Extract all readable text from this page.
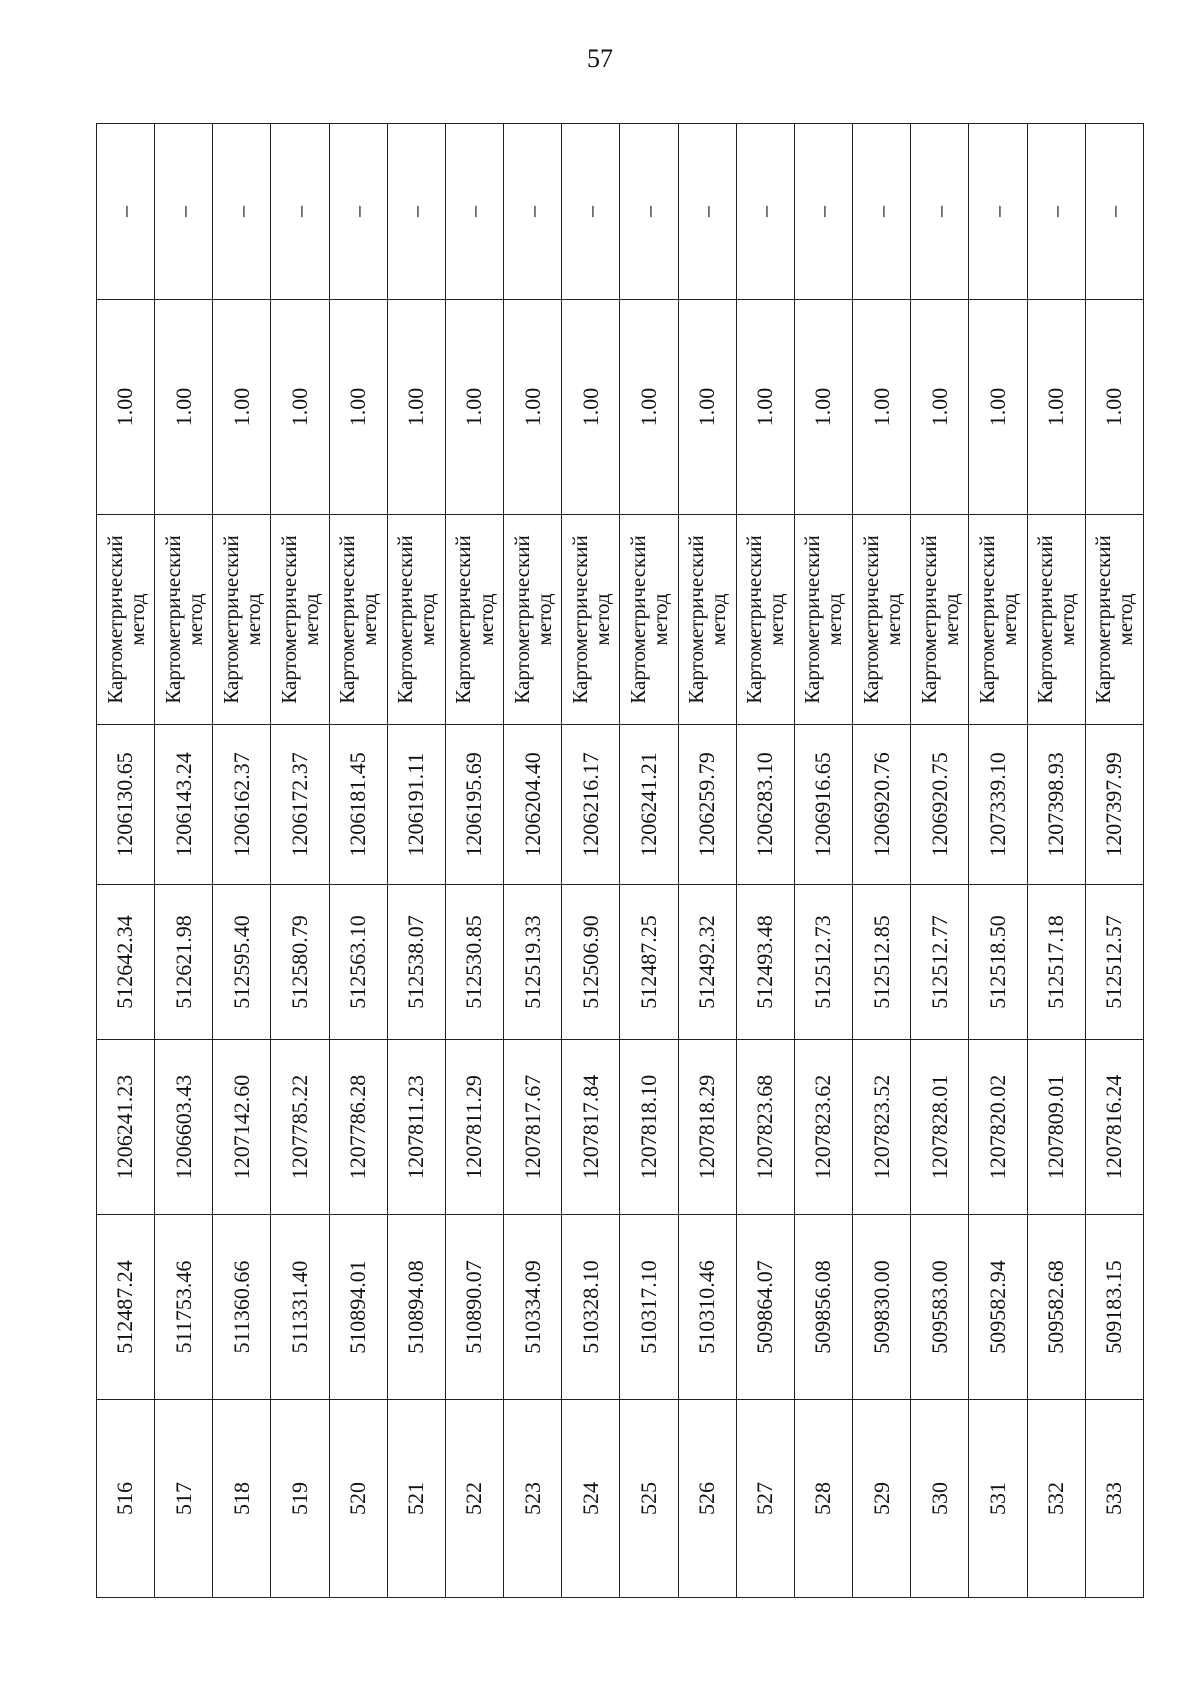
57
516	512487.24	1206241.23	512642.34	1206130.65	Картометрический метод	1.00	–
517	511753.46	1206603.43	512621.98	1206143.24	Картометрический метод	1.00	–
518	511360.66	1207142.60	512595.40	1206162.37	Картометрический метод	1.00	–
519	511331.40	1207785.22	512580.79	1206172.37	Картометрический метод	1.00	–
520	510894.01	1207786.28	512563.10	1206181.45	Картометрический метод	1.00	–
521	510894.08	1207811.23	512538.07	1206191.11	Картометрический метод	1.00	–
522	510890.07	1207811.29	512530.85	1206195.69	Картометрический метод	1.00	–
523	510334.09	1207817.67	512519.33	1206204.40	Картометрический метод	1.00	–
524	510328.10	1207817.84	512506.90	1206216.17	Картометрический метод	1.00	–
525	510317.10	1207818.10	512487.25	1206241.21	Картометрический метод	1.00	–
526	510310.46	1207818.29	512492.32	1206259.79	Картометрический метод	1.00	–
527	509864.07	1207823.68	512493.48	1206283.10	Картометрический метод	1.00	–
528	509856.08	1207823.62	512512.73	1206916.65	Картометрический метод	1.00	–
529	509830.00	1207823.52	512512.85	1206920.76	Картометрический метод	1.00	–
530	509583.00	1207828.01	512512.77	1206920.75	Картометрический метод	1.00	–
531	509582.94	1207820.02	512518.50	1207339.10	Картометрический метод	1.00	–
532	509582.68	1207809.01	512517.18	1207398.93	Картометрический метод	1.00	–
533	509183.15	1207816.24	512512.57	1207397.99	Картометрический метод	1.00	–
